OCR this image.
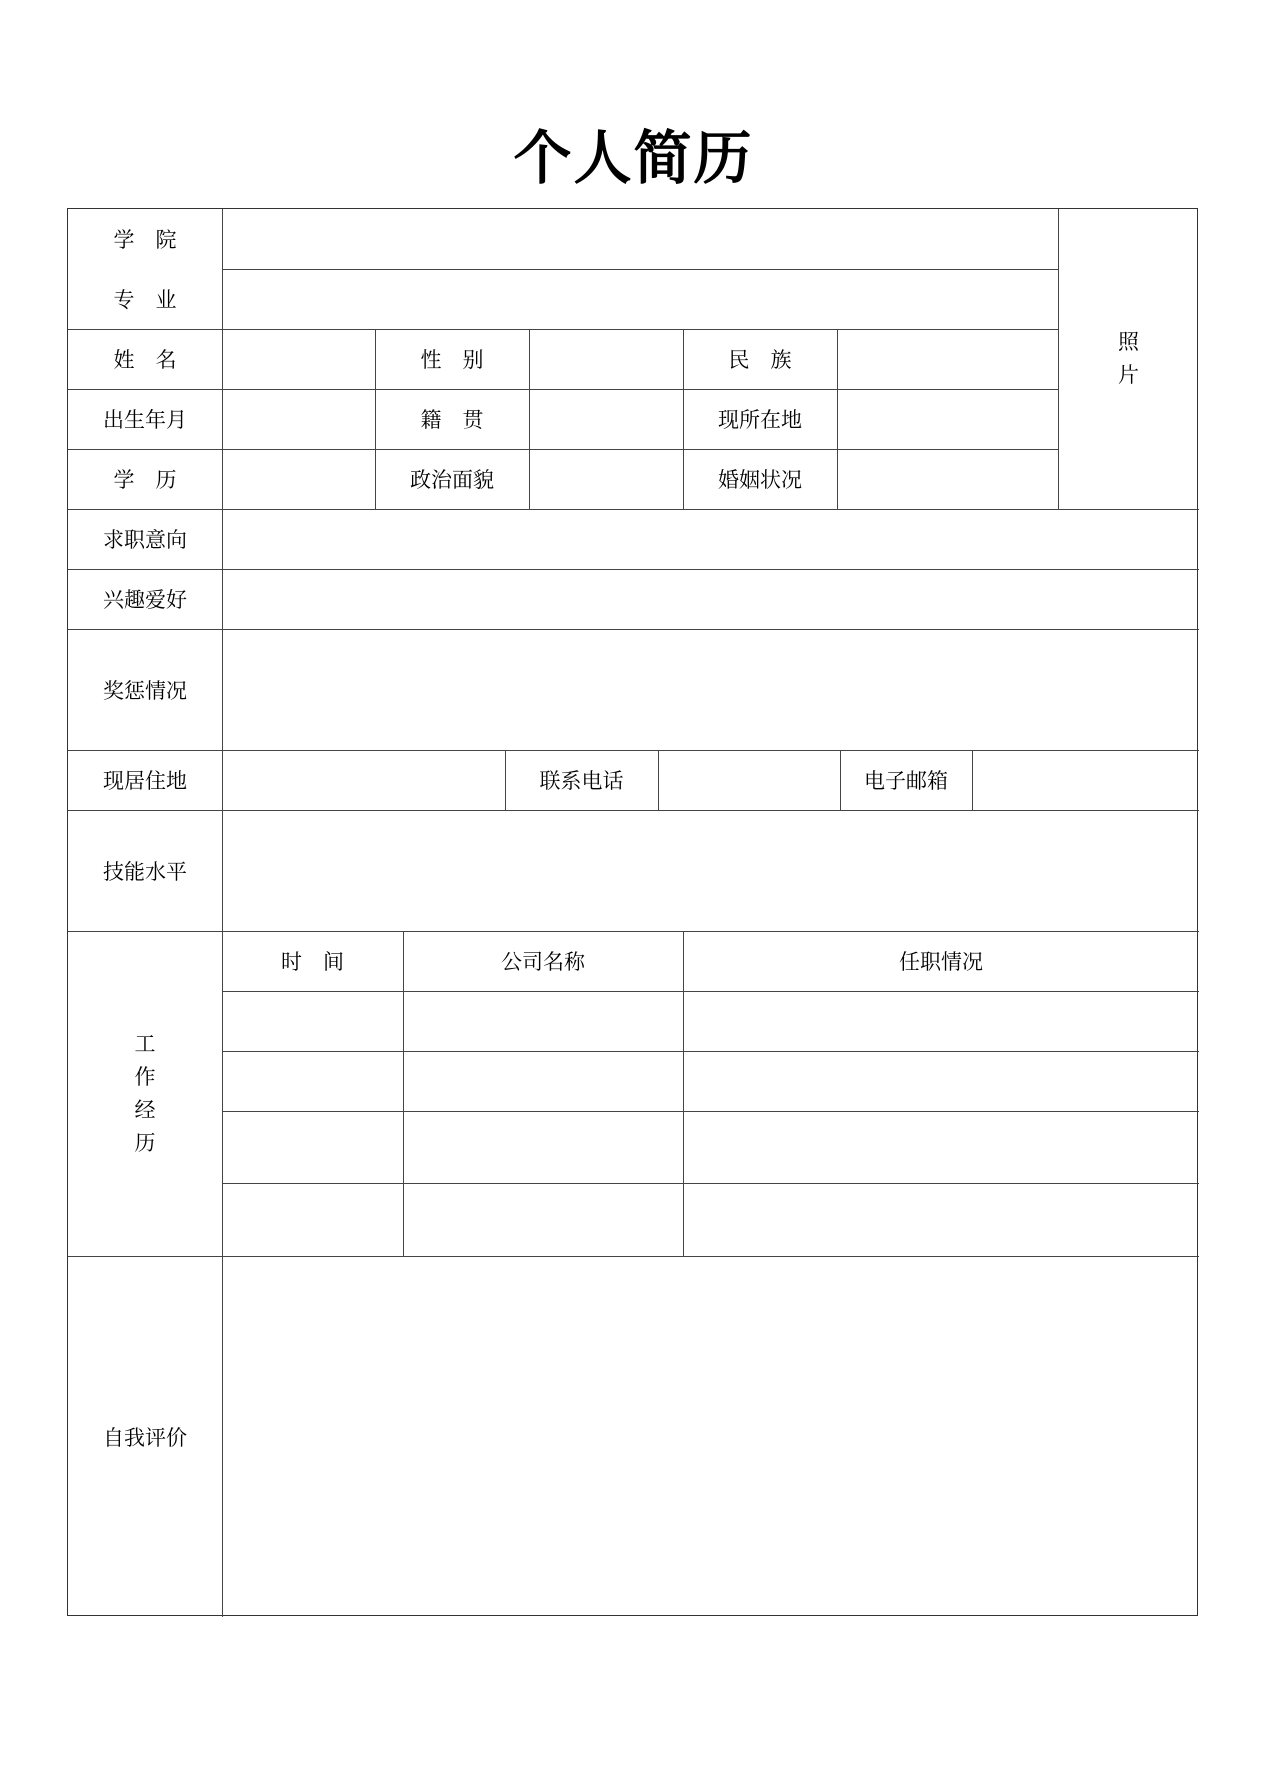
个人简历
学　院
专　业
姓　名	性　别	民　族
出生年月	籍　贯	现所在地
学　历	政治面貌	婚姻状况
照
片
求职意向
兴趣爱好
奖惩情况
现居住地	联系电话	电子邮箱
技能水平
工
作
经
历
时　间	公司名称	任职情况
自我评价
